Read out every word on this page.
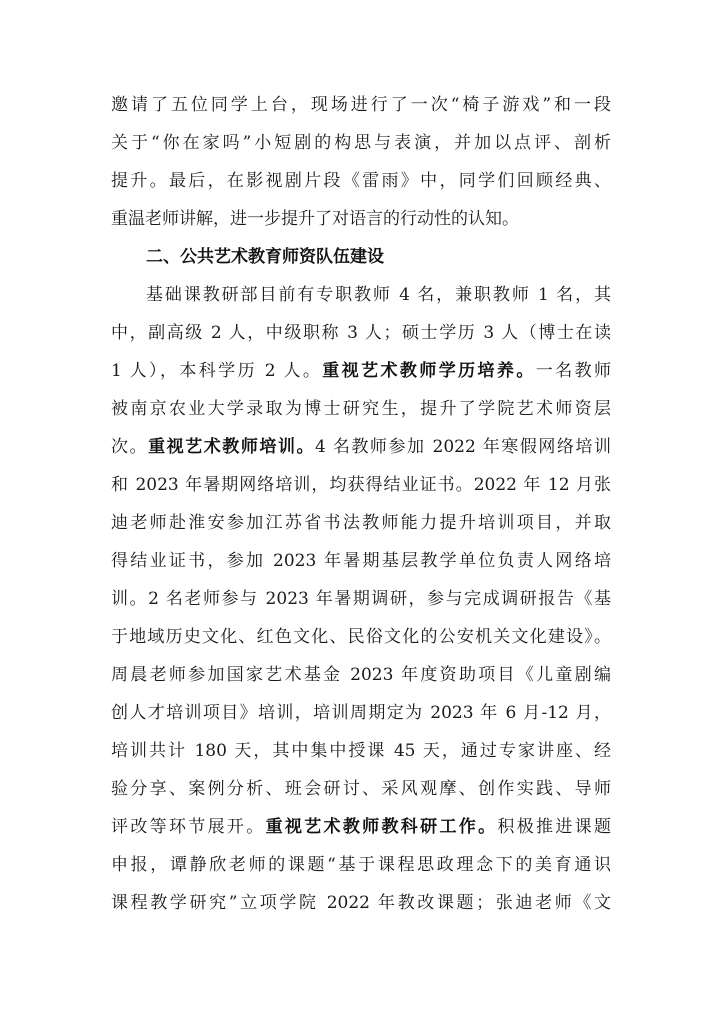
邀请了五位同学上台，现场进行了一次“椅子游戏”和一段
关于“你在家吗”小短剧的构思与表演，并加以点评、剖析
提升。最后，在影视剧片段《雷雨》中，同学们回顾经典、
重温老师讲解，进一步提升了对语言的行动性的认知。
二、公共艺术教育师资队伍建设
基础课教研部目前有专职教师 4 名，兼职教师 1 名，其
中，副高级 2 人，中级职称 3 人；硕士学历 3 人（博士在读
1 人），本科学历 2 人。重视艺术教师学历培养。一名教师
被南京农业大学录取为博士研究生，提升了学院艺术师资层
次。重视艺术教师培训。4 名教师参加 2022 年寒假网络培训
和 2023 年暑期网络培训，均获得结业证书。2022 年 12 月张
迪老师赴淮安参加江苏省书法教师能力提升培训项目，并取
得结业证书，参加 2023 年暑期基层教学单位负责人网络培
训。2 名老师参与 2023 年暑期调研，参与完成调研报告《基
于地域历史文化、红色文化、民俗文化的公安机关文化建设》。
周晨老师参加国家艺术基金 2023 年度资助项目《儿童剧编
创人才培训项目》培训，培训周期定为 2023 年 6 月-12 月，
培训共计 180 天，其中集中授课 45 天，通过专家讲座、经
验分享、案例分析、班会研讨、采风观摩、创作实践、导师
评改等环节展开。重视艺术教师教科研工作。积极推进课题
申报，谭静欣老师的课题“基于课程思政理念下的美育通识
课程教学研究”立项学院 2022 年教改课题；张迪老师《文
